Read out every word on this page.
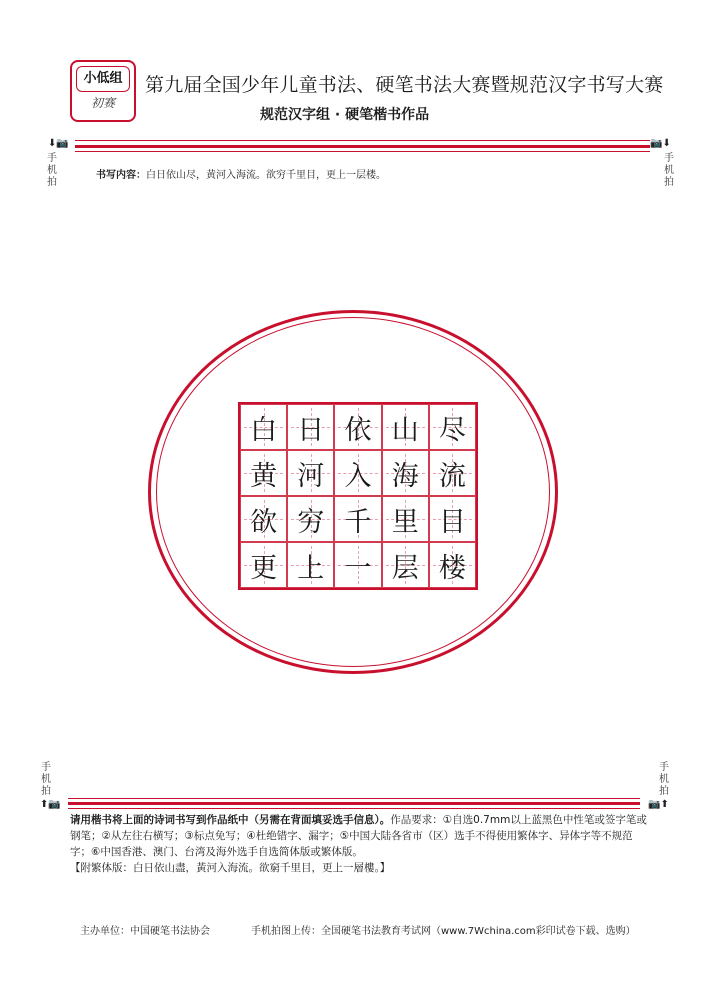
小低组
初赛
第九届全国少年儿童书法、硬笔书法大赛暨规范汉字书写大赛
规范汉字组 · 硬笔楷书作品
⬇📷	📷⬇
手
机
拍
手
机
拍
书写内容：白日依山尽，黄河入海流。欲穷千里目，更上一层楼。
白 日 依 山 尽
黄 河 入 海 流
欲 穷 千 里 目
更 上 一 层 楼
手
机
拍
手
机
拍
⬆📷	📷⬆
请用楷书将上面的诗词书写到作品纸中（另需在背面填妥选手信息）。作品要求：①自选0.7mm以上蓝黑色中性笔或签字笔或钢笔；②从左往右横写；③标点免写；④杜绝错字、漏字；⑤中国大陆各省市（区）选手不得使用繁体字、异体字等不规范字；⑥中国香港、澳门、台湾及海外选手自选简体版或繁体版。
【附繁体版：白日依山盡，黃河入海流。欲窮千里目，更上一層樓。】
主办单位：中国硬笔书法协会	手机拍图上传：全国硬笔书法教育考试网（www.7Wchina.com彩印试卷下载、选购）
